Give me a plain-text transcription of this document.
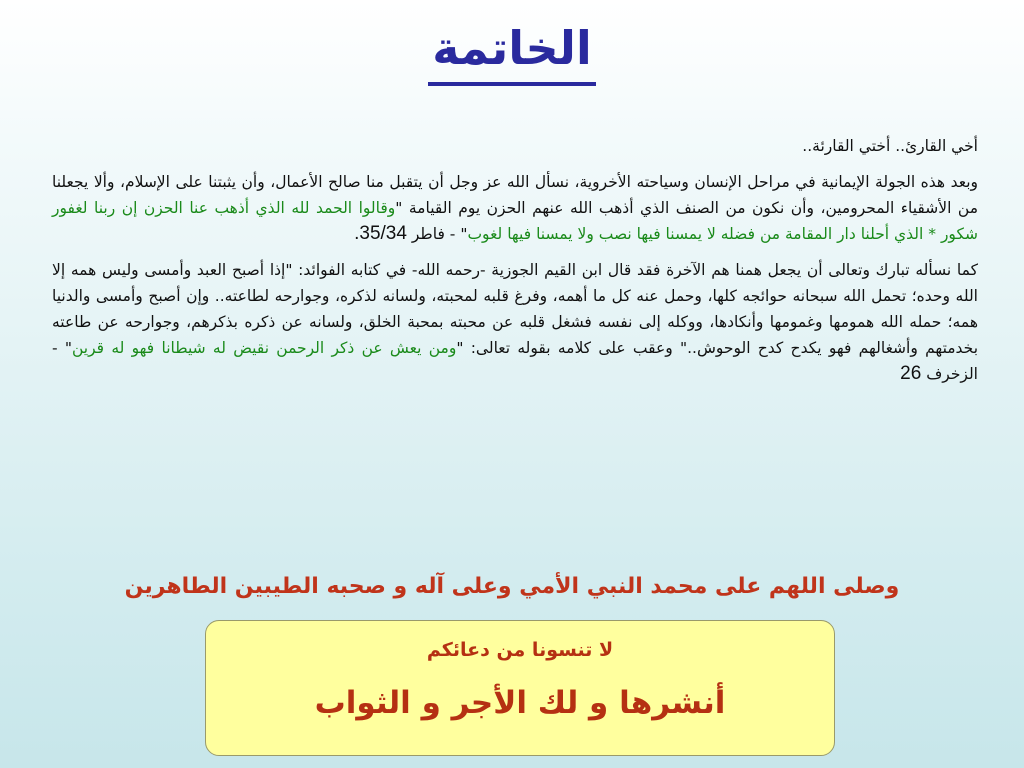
الخاتمة

أخي القارئ.. أختي القارئة..

وبعد هذه الجولة الإيمانية في مراحل الإنسان وسياحته الأخروية، نسأل الله عز وجل أن يتقبل منا صالح الأعمال، وأن يثبتنا على الإسلام، وألا يجعلنا من الأشقياء المحرومين، وأن نكون من الصنف الذي أذهب الله عنهم الحزن يوم القيامة "وقالوا الحمد لله الذي أذهب عنا الحزن إن ربنا لغفور شكور * الذي أحلنا دار المقامة من فضله لا يمسنا فيها نصب ولا يمسنا فيها لغوب" - فاطر 35/34.

كما نسأله تبارك وتعالى أن يجعل همنا هم الآخرة فقد قال ابن القيم الجوزية -رحمه الله- في كتابه الفوائد: "إذا أصبح العبد وأمسى وليس همه إلا الله وحده؛ تحمل الله سبحانه حوائجه كلها، وحمل عنه كل ما أهمه، وفرغ قلبه لمحبته، ولسانه لذكره، وجوارحه لطاعته.. وإن أصبح وأمسى والدنيا همه؛ حمله الله همومها وغمومها وأنكادها، ووكله إلى نفسه فشغل قلبه عن محبته بمحبة الخلق، ولسانه عن ذكره بذكرهم، وجوارحه عن طاعته بخدمتهم وأشغالهم فهو يكدح كدح الوحوش.." وعقب على كلامه بقوله تعالى: "ومن يعش عن ذكر الرحمن نقيض له شيطانا فهو له قرين" - الزخرف 26

وصلى اللهم على محمد النبي الأمي وعلى آله و صحبه الطيبين الطاهرين
لا تنسونا من دعائكم
أنشرها و لك الأجر و الثواب
